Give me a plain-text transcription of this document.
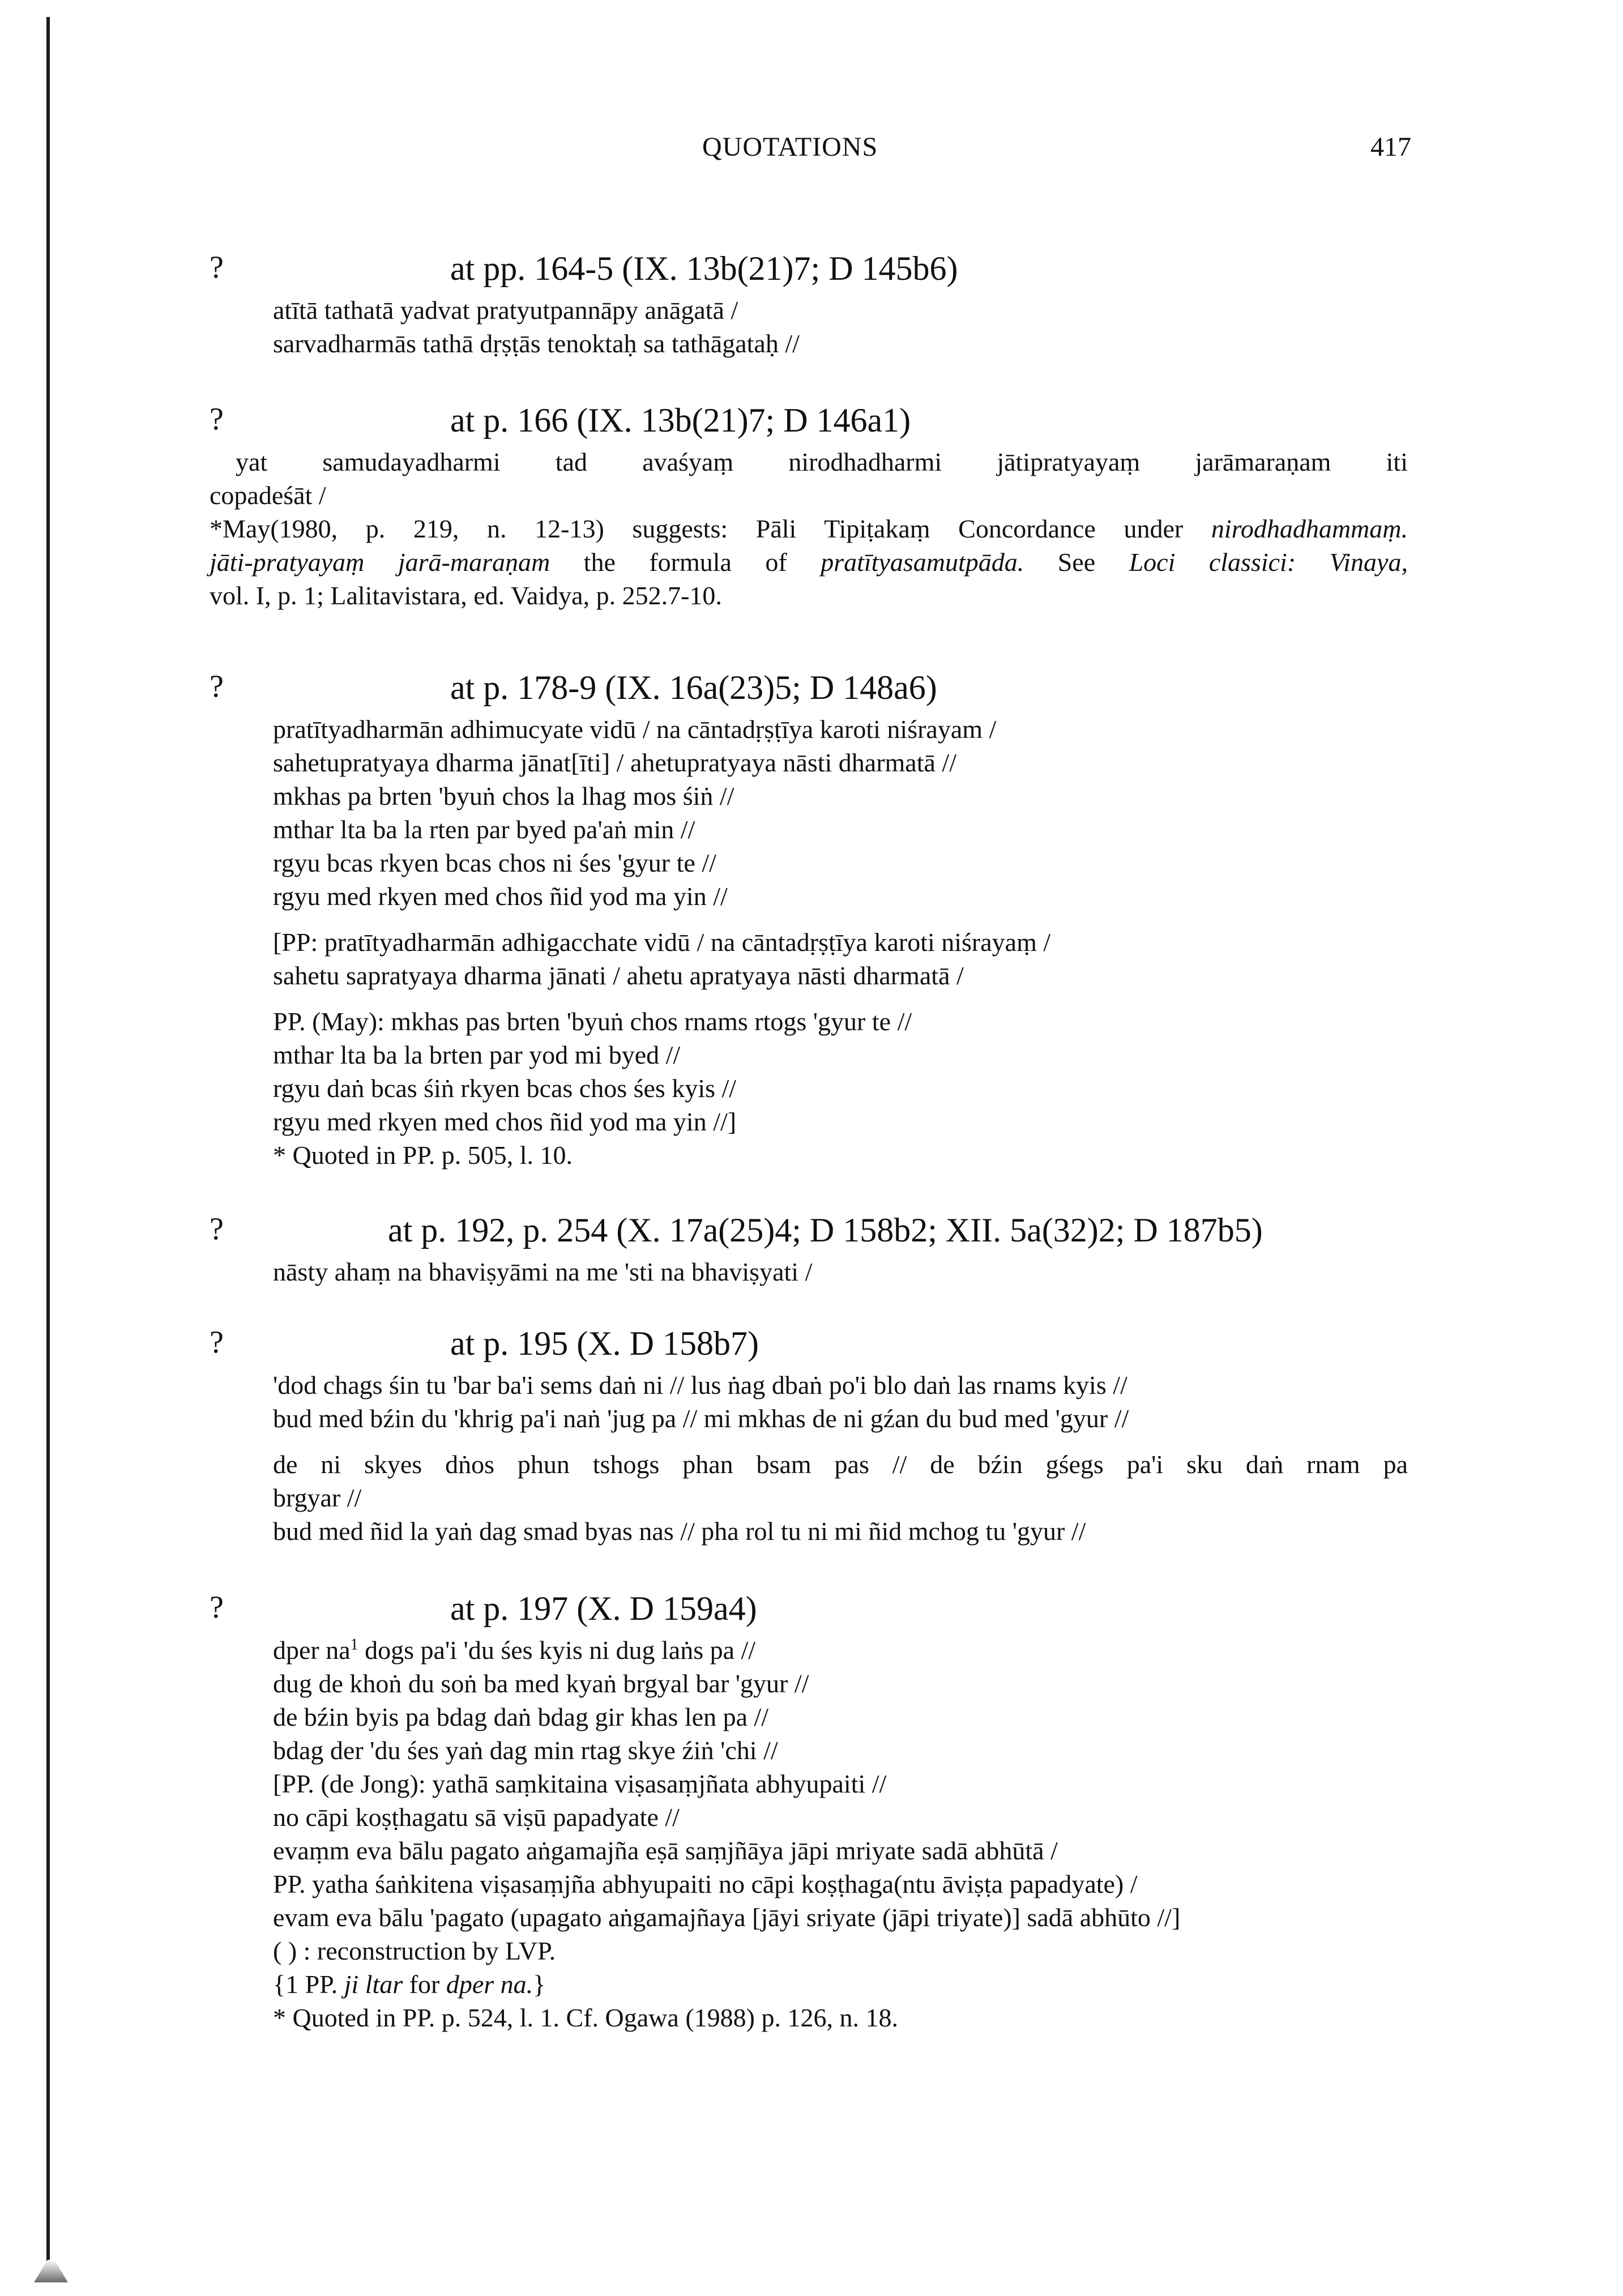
QUOTATIONS	417
?	at pp. 164-5 (IX. 13b(21)7; D 145b6)
atītā tathatā yadvat pratyutpannāpy anāgatā /
sarvadharmās tathā dṛṣṭās tenoktaḥ sa tathāgataḥ //
?	at p. 166 (IX. 13b(21)7; D 146a1)
yat samudayadharmi tad avaśyaṃ nirodhadharmi jātipratyayaṃ jarāmaraṇam iti
copadeśāt /
*May(1980, p. 219, n. 12-13) suggests: Pāli Tipiṭakaṃ Concordance under nirodhadhammaṃ.
jāti-pratyayaṃ jarā-maraṇam the formula of pratītyasamutpāda. See Loci classici: Vinaya,
vol. I, p. 1; Lalitavistara, ed. Vaidya, p. 252.7-10.
?	at p. 178-9 (IX. 16a(23)5; D 148a6)
pratītyadharmān adhimucyate vidū / na cāntadṛṣṭīya karoti niśrayam /
sahetupratyaya dharma jānat[īti] / ahetupratyaya nāsti dharmatā //
mkhas pa brten 'byuṅ chos la lhag mos śiṅ //
mthar lta ba la rten par byed pa'aṅ min //
rgyu bcas rkyen bcas chos ni śes 'gyur te //
rgyu med rkyen med chos ñid yod ma yin //
[PP: pratītyadharmān adhigacchate vidū / na cāntadṛṣṭīya karoti niśrayaṃ /
sahetu sapratyaya dharma jānati / ahetu apratyaya nāsti dharmatā /
PP. (May): mkhas pas brten 'byuṅ chos rnams rtogs 'gyur te //
mthar lta ba la brten par yod mi byed //
rgyu daṅ bcas śiṅ rkyen bcas chos śes kyis //
rgyu med rkyen med chos ñid yod ma yin //]
* Quoted in PP. p. 505, l. 10.
?	at p. 192, p. 254 (X. 17a(25)4; D 158b2; XII. 5a(32)2; D 187b5)
nāsty ahaṃ na bhaviṣyāmi na me 'sti na bhaviṣyati /
?	at p. 195 (X. D 158b7)
'dod chags śin tu 'bar ba'i sems daṅ ni // lus ṅag dbaṅ po'i blo daṅ las rnams kyis //
bud med bźin du 'khrig pa'i naṅ 'jug pa // mi mkhas de ni gźan du bud med 'gyur //
de ni skyes dṅos phun tshogs phan bsam pas // de bźin gśegs pa'i sku daṅ rnam pa
brgyar //
bud med ñid la yaṅ dag smad byas nas // pha rol tu ni mi ñid mchog tu 'gyur //
?	at p. 197 (X. D 159a4)
dper $na^1$ dogs pa'i 'du śes kyis ni dug laṅs pa //
dug de khoṅ du soṅ ba med kyaṅ brgyal bar 'gyur //
de bźin byis pa bdag daṅ bdag gir khas len pa //
bdag der 'du śes yaṅ dag min rtag skye źiṅ 'chi //
[PP. (de Jong): yathā saṃkitaina viṣasaṃjñata abhyupaiti //
no cāpi koṣṭhagatu sā viṣū papadyate //
evaṃm eva bālu pagato aṅgamajña eṣā saṃjñāya jāpi mriyate sadā abhūtā /
PP. yatha śaṅkitena viṣasaṃjña abhyupaiti no cāpi koṣṭhaga(ntu āviṣṭa papadyate) /
evam eva bālu 'pagato (upagato aṅgamajñaya [jāyi sriyate (jāpi triyate)] sadā abhūto //]
( ) : reconstruction by LVP.
{1 PP. ji ltar for dper na.}
* Quoted in PP. p. 524, l. 1. Cf. Ogawa (1988) p. 126, n. 18.
